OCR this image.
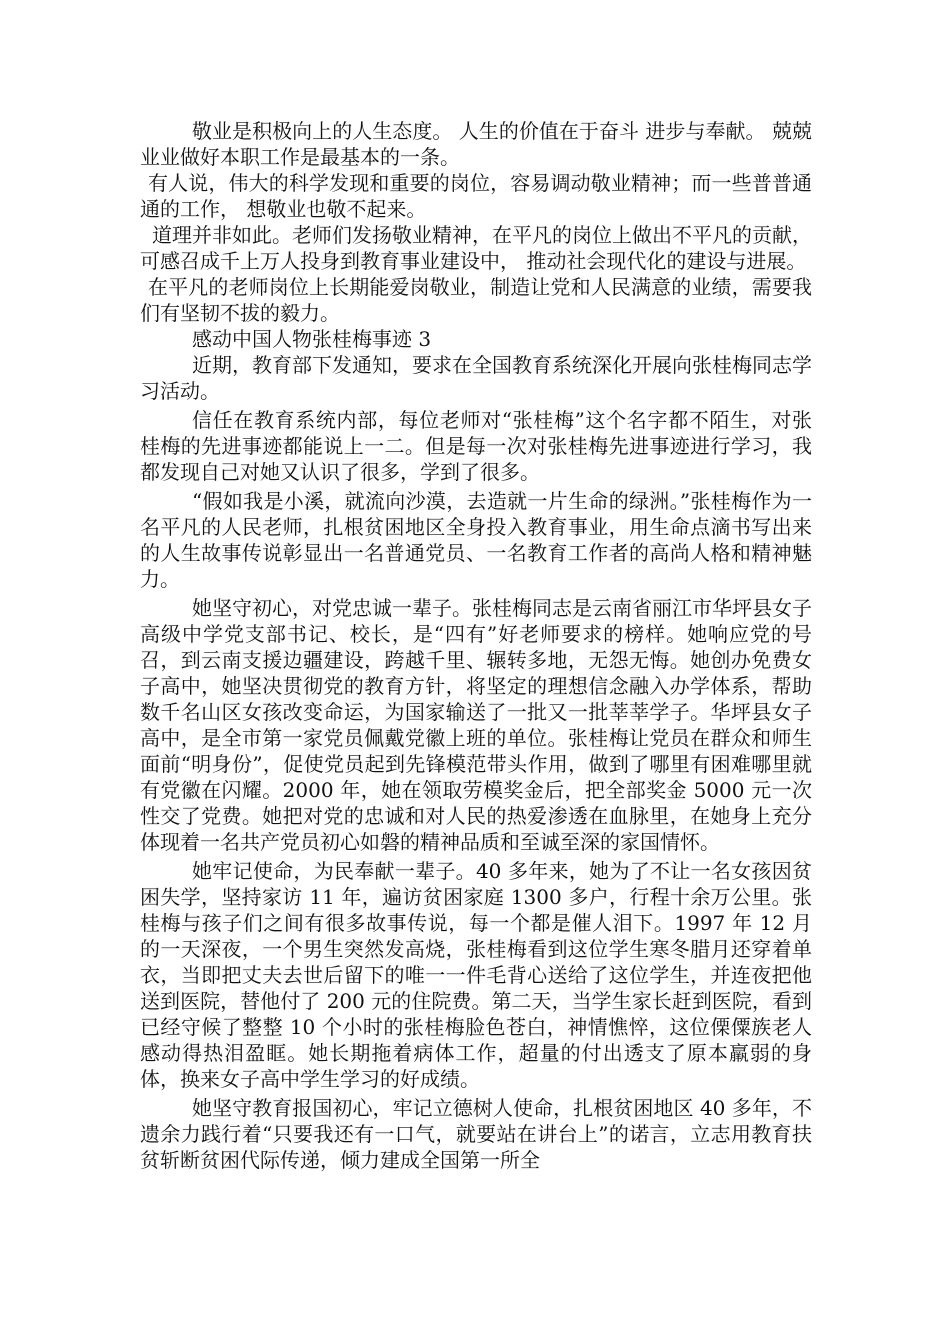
敬业是积极向上的人生态度。 人生的价值在于奋斗 进步与奉献。 兢兢业业做好本职工作是最基本的一条。

有人说，伟大的科学发现和重要的岗位，容易调动敬业精神；而一些普普通通的工作， 想敬业也敬不起来。

道理并非如此。老师们发扬敬业精神，在平凡的岗位上做出不平凡的贡献，可感召成千上万人投身到教育事业建设中， 推动社会现代化的建设与进展。

在平凡的老师岗位上长期能爱岗敬业，制造让党和人民满意的业绩，需要我们有坚韧不拔的毅力。

感动中国人物张桂梅事迹 3

近期，教育部下发通知，要求在全国教育系统深化开展向张桂梅同志学习活动。

信任在教育系统内部，每位老师对“张桂梅”这个名字都不陌生，对张桂梅的先进事迹都能说上一二。但是每一次对张桂梅先进事迹进行学习，我都发现自己对她又认识了很多，学到了很多。

“假如我是小溪，就流向沙漠，去造就一片生命的绿洲。”张桂梅作为一名平凡的人民老师，扎根贫困地区全身投入教育事业，用生命点滴书写出来的人生故事传说彰显出一名普通党员、一名教育工作者的高尚人格和精神魅力。

她坚守初心，对党忠诚一辈子。张桂梅同志是云南省丽江市华坪县女子高级中学党支部书记、校长，是“四有”好老师要求的榜样。她响应党的号召，到云南支援边疆建设，跨越千里、辗转多地，无怨无悔。她创办免费女子高中，她坚决贯彻党的教育方针，将坚定的理想信念融入办学体系，帮助数千名山区女孩改变命运，为国家输送了一批又一批莘莘学子。华坪县女子高中，是全市第一家党员佩戴党徽上班的单位。张桂梅让党员在群众和师生面前“明身份”，促使党员起到先锋模范带头作用，做到了哪里有困难哪里就有党徽在闪耀。2000 年，她在领取劳模奖金后，把全部奖金 5000 元一次性交了党费。她把对党的忠诚和对人民的热爱渗透在血脉里，在她身上充分体现着一名共产党员初心如磐的精神品质和至诚至深的家国情怀。

她牢记使命，为民奉献一辈子。40 多年来，她为了不让一名女孩因贫困失学，坚持家访 11 年，遍访贫困家庭 1300 多户，行程十余万公里。张桂梅与孩子们之间有很多故事传说，每一个都是催人泪下。1997 年 12 月的一天深夜，一个男生突然发高烧，张桂梅看到这位学生寒冬腊月还穿着单衣，当即把丈夫去世后留下的唯一一件毛背心送给了这位学生，并连夜把他送到医院，替他付了 200 元的住院费。第二天，当学生家长赶到医院，看到已经守候了整整 10 个小时的张桂梅脸色苍白，神情憔悴，这位傈僳族老人感动得热泪盈眶。她长期拖着病体工作，超量的付出透支了原本羸弱的身体，换来女子高中学生学习的好成绩。

她坚守教育报国初心，牢记立德树人使命，扎根贫困地区 40 多年，不遗余力践行着“只要我还有一口气，就要站在讲台上”的诺言，立志用教育扶贫斩断贫困代际传递，倾力建成全国第一所全
